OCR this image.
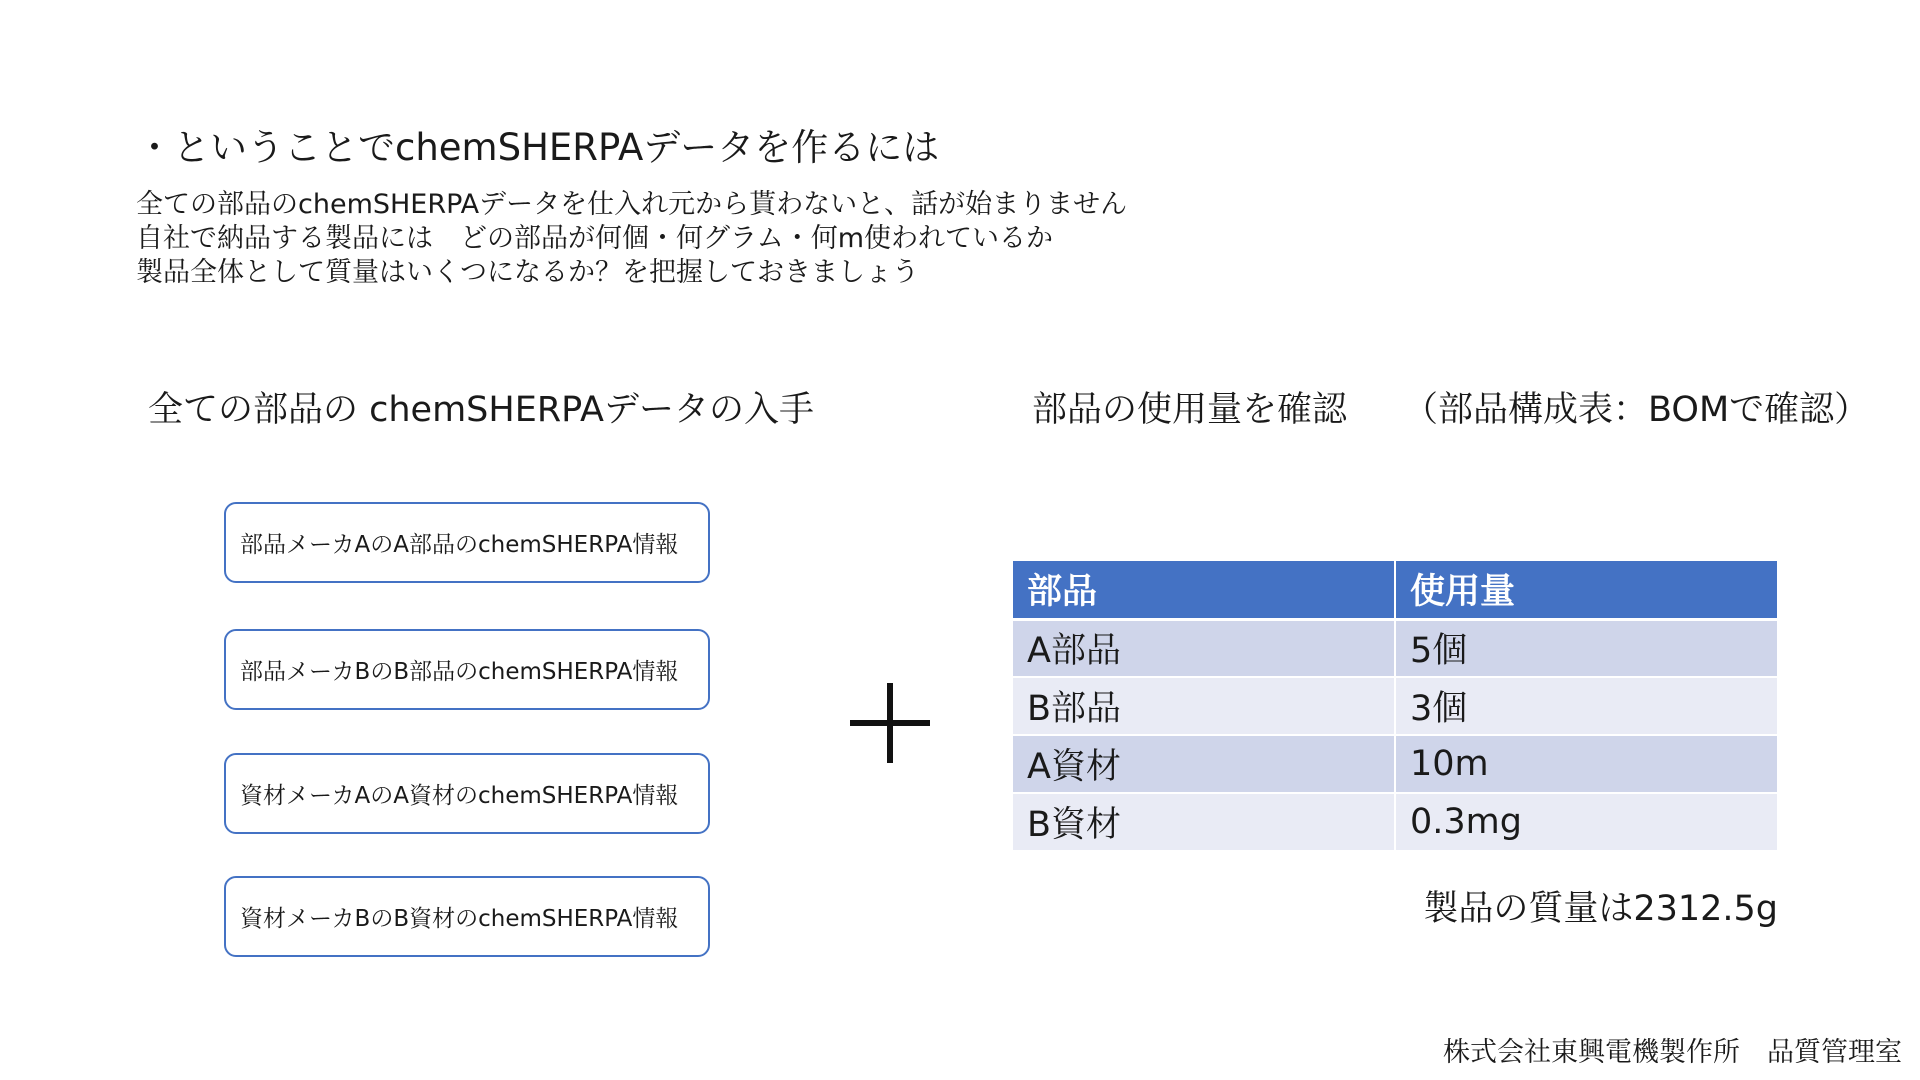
・ということでchemSHERPAデータを作るには
全ての部品のchemSHERPAデータを仕入れ元から貰わないと、話が始まりません
自社で納品する製品には　どの部品が何個・何グラム・何m使われているか
製品全体として質量はいくつになるか？を把握しておきましょう
全ての部品の chemSHERPAデータの入手	部品の使用量を確認 （部品構成表：BOMで確認）
部品メーカAのA部品のchemSHERPA情報
部品メーカBのB部品のchemSHERPA情報
資材メーカAのA資材のchemSHERPA情報
資材メーカBのB資材のchemSHERPA情報
部品	使用量
A部品	5個
B部品	3個
A資材	10m
B資材	0.3mg
製品の質量は2312.5g
株式会社東興電機製作所　品質管理室
